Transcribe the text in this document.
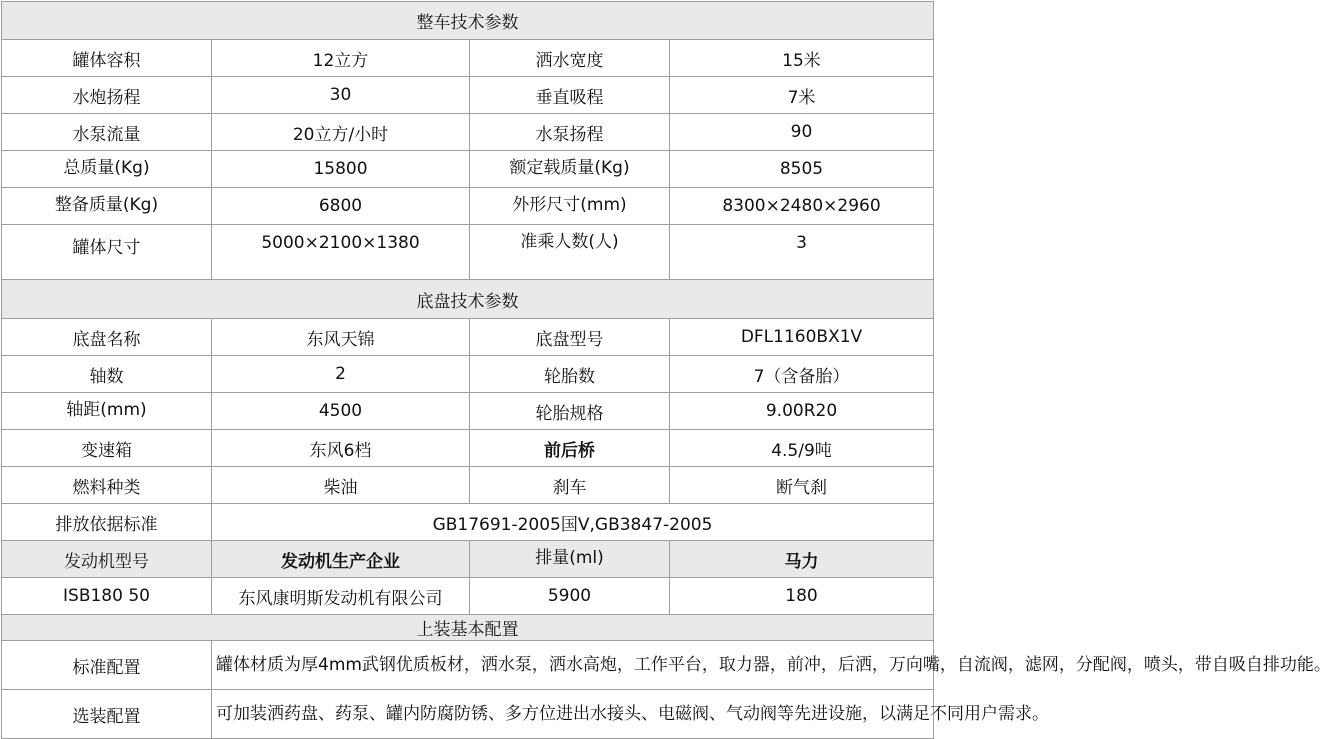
整车技术参数			
罐体容积	12立方	洒水宽度	15米
水炮扬程	30	垂直吸程	7米
水泵流量	20立方/小时	水泵扬程	90
总质量(Kg)	15800	额定载质量(Kg)	8505
整备质量(Kg)	6800	外形尺寸(mm)	8300×2480×2960
罐体尺寸	5000×2100×1380	准乘人数(人)	3
底盘技术参数			
底盘名称	东风天锦	底盘型号	DFL1160BX1V
轴数	2	轮胎数	7（含备胎）
轴距(mm)	4500	轮胎规格	9.00R20
变速箱	东风6档	前后桥	4.5/9吨
燃料种类	柴油	刹车	断气刹
排放依据标准	GB17691-2005国Ⅴ,GB3847-2005		
发动机型号	发动机生产企业	排量(ml)	马力
ISB180 50	东风康明斯发动机有限公司	5900	180
上装基本配置			
标准配置	罐体材质为厚4mm武钢优质板材，洒水泵，洒水高炮，工作平台，取力器，前冲，后洒，万向嘴，自流阀，滤网，分配阀，喷头，带自吸自排功能。		
选装配置	可加装洒药盘、药泵、罐内防腐防锈、多方位进出水接头、电磁阀、气动阀等先进设施，以满足不同用户需求。		
